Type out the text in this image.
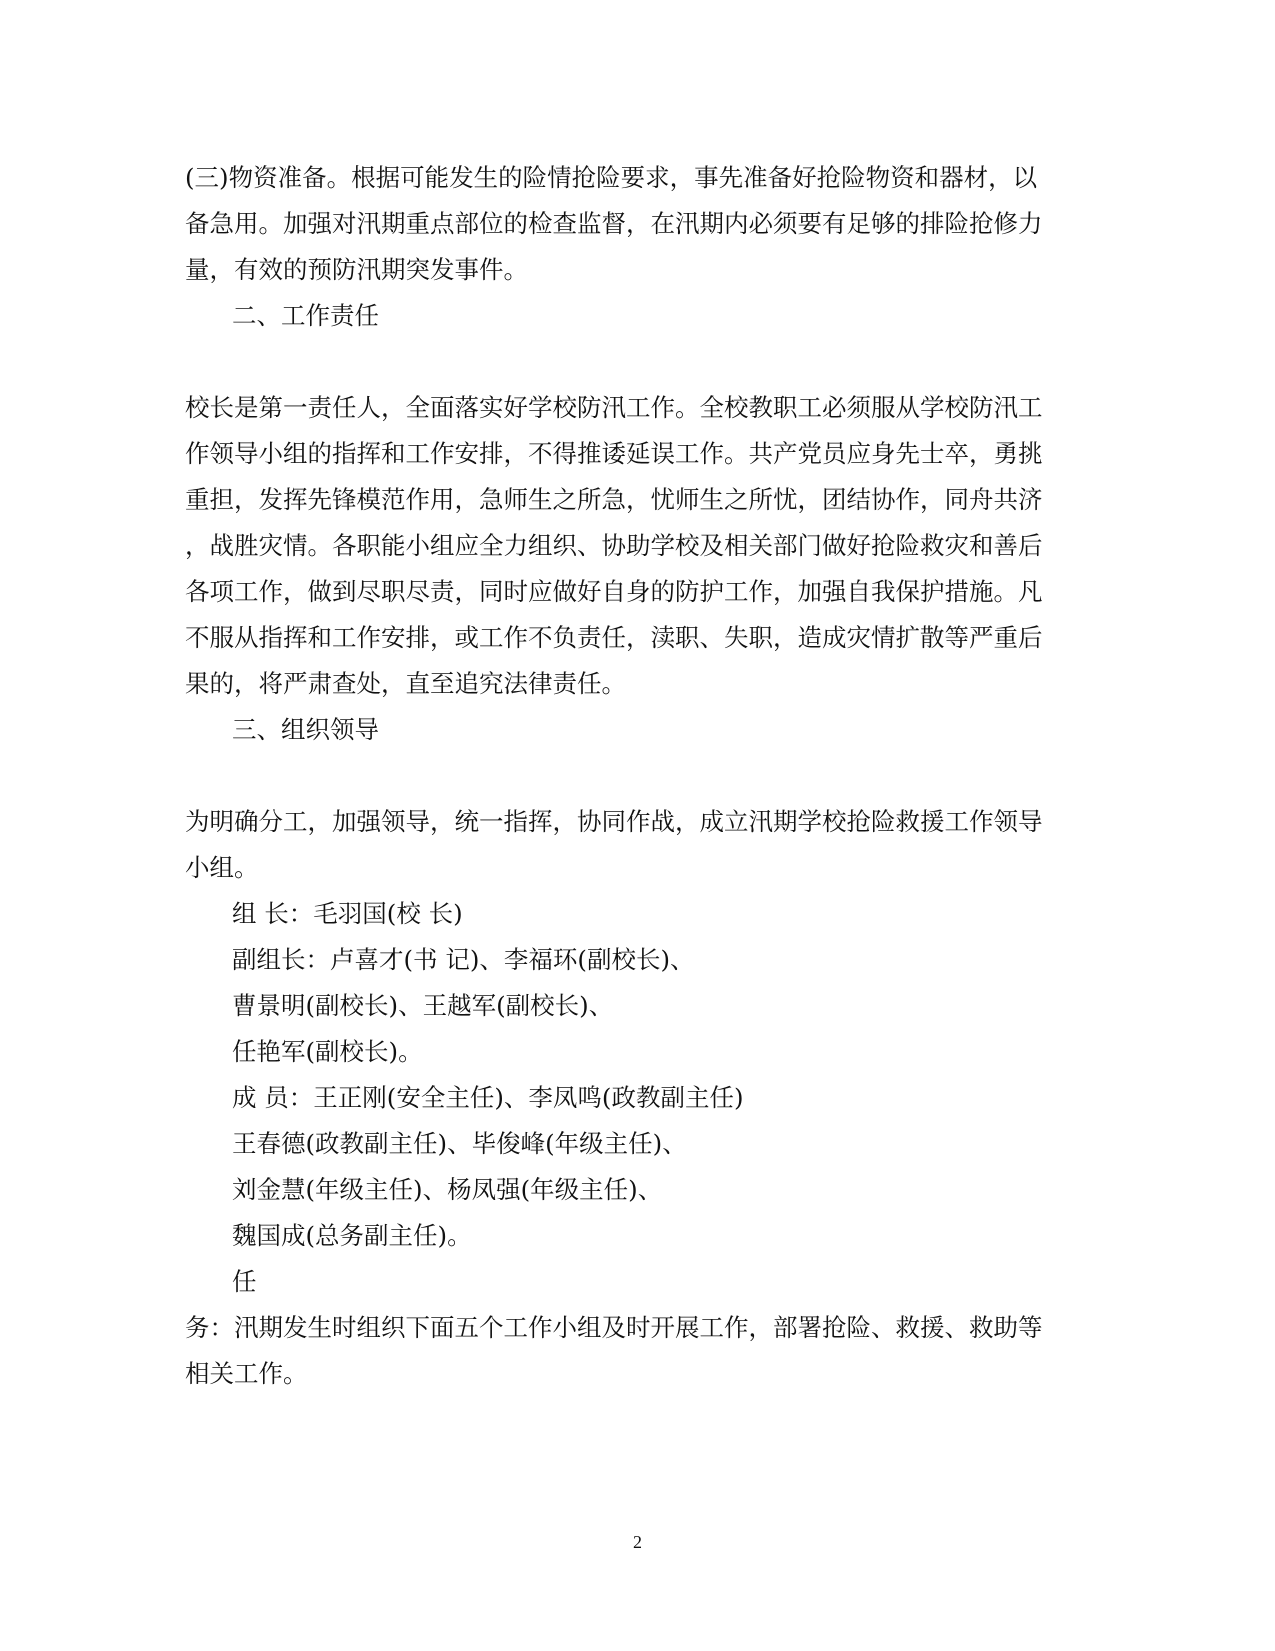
(三)物资准备。根据可能发生的险情抢险要求，事先准备好抢险物资和器材，以

备急用。加强对汛期重点部位的检查监督，在汛期内必须要有足够的排险抢修力

量，有效的预防汛期突发事件。

二、工作责任

校长是第一责任人，全面落实好学校防汛工作。全校教职工必须服从学校防汛工

作领导小组的指挥和工作安排，不得推诿延误工作。共产党员应身先士卒，勇挑

重担，发挥先锋模范作用，急师生之所急，忧师生之所忧，团结协作，同舟共济

，战胜灾情。各职能小组应全力组织、协助学校及相关部门做好抢险救灾和善后

各项工作，做到尽职尽责，同时应做好自身的防护工作，加强自我保护措施。凡

不服从指挥和工作安排，或工作不负责任，渎职、失职，造成灾情扩散等严重后

果的，将严肃查处，直至追究法律责任。

三、组织领导

为明确分工，加强领导，统一指挥，协同作战，成立汛期学校抢险救援工作领导

小组。

组 长：毛羽国(校 长)

副组长：卢喜才(书 记)、李福环(副校长)、

曹景明(副校长)、王越军(副校长)、

任艳军(副校长)。

成 员：王正刚(安全主任)、李凤鸣(政教副主任)

王春德(政教副主任)、毕俊峰(年级主任)、

刘金慧(年级主任)、杨凤强(年级主任)、

魏国成(总务副主任)。

任

务：汛期发生时组织下面五个工作小组及时开展工作，部署抢险、救援、救助等

相关工作。

2
